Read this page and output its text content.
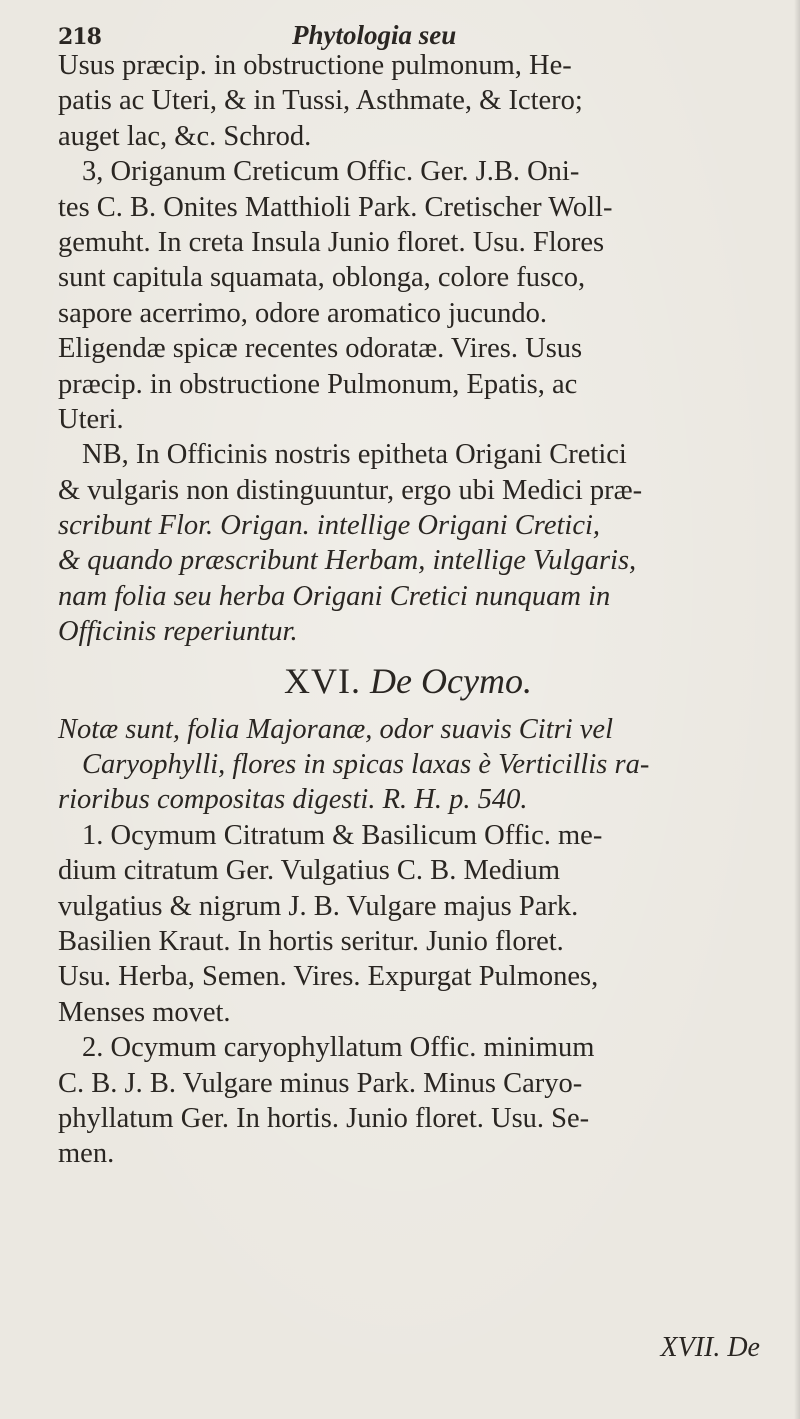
218	Phytologia seu
Usus præcip. in obstructione pulmonum, He-
patis ac Uteri, & in Tussi, Asthmate, & Ictero;
auget lac, &c. Schrod.
3, Origanum Creticum Offic. Ger. J.B. Oni-
tes C. B. Onites Matthioli Park. Cretischer Woll-
gemuht. In creta Insula Junio floret. Usu. Flores
sunt capitula squamata, oblonga, colore fusco,
sapore acerrimo, odore aromatico jucundo.
Eligendæ spicæ recentes odoratæ. Vires. Usus
præcip. in obstructione Pulmonum, Epatis, ac
Uteri.
NB, In Officinis nostris epitheta Origani Cretici
& vulgaris non distinguuntur, ergo ubi Medici præ-
scribunt Flor. Origan. intellige Origani Cretici,
& quando præscribunt Herbam, intellige Vulgaris,
nam folia seu herba Origani Cretici nunquam in
Officinis reperiuntur.
XVI. De Ocymo.
Notæ sunt, folia Majoranæ, odor suavis Citri vel
Caryophylli, flores in spicas laxas è Verticillis ra-
rioribus compositas digesti. R. H. p. 540.
1. Ocymum Citratum & Basilicum Offic. me-
dium citratum Ger. Vulgatius C. B. Medium
vulgatius & nigrum J. B. Vulgare majus Park.
Basilien Kraut. In hortis seritur. Junio floret.
Usu. Herba, Semen. Vires. Expurgat Pulmones,
Menses movet.
2. Ocymum caryophyllatum Offic. minimum
C. B. J. B. Vulgare minus Park. Minus Caryo-
phyllatum Ger. In hortis. Junio floret. Usu. Se-
men.
XVII. De
